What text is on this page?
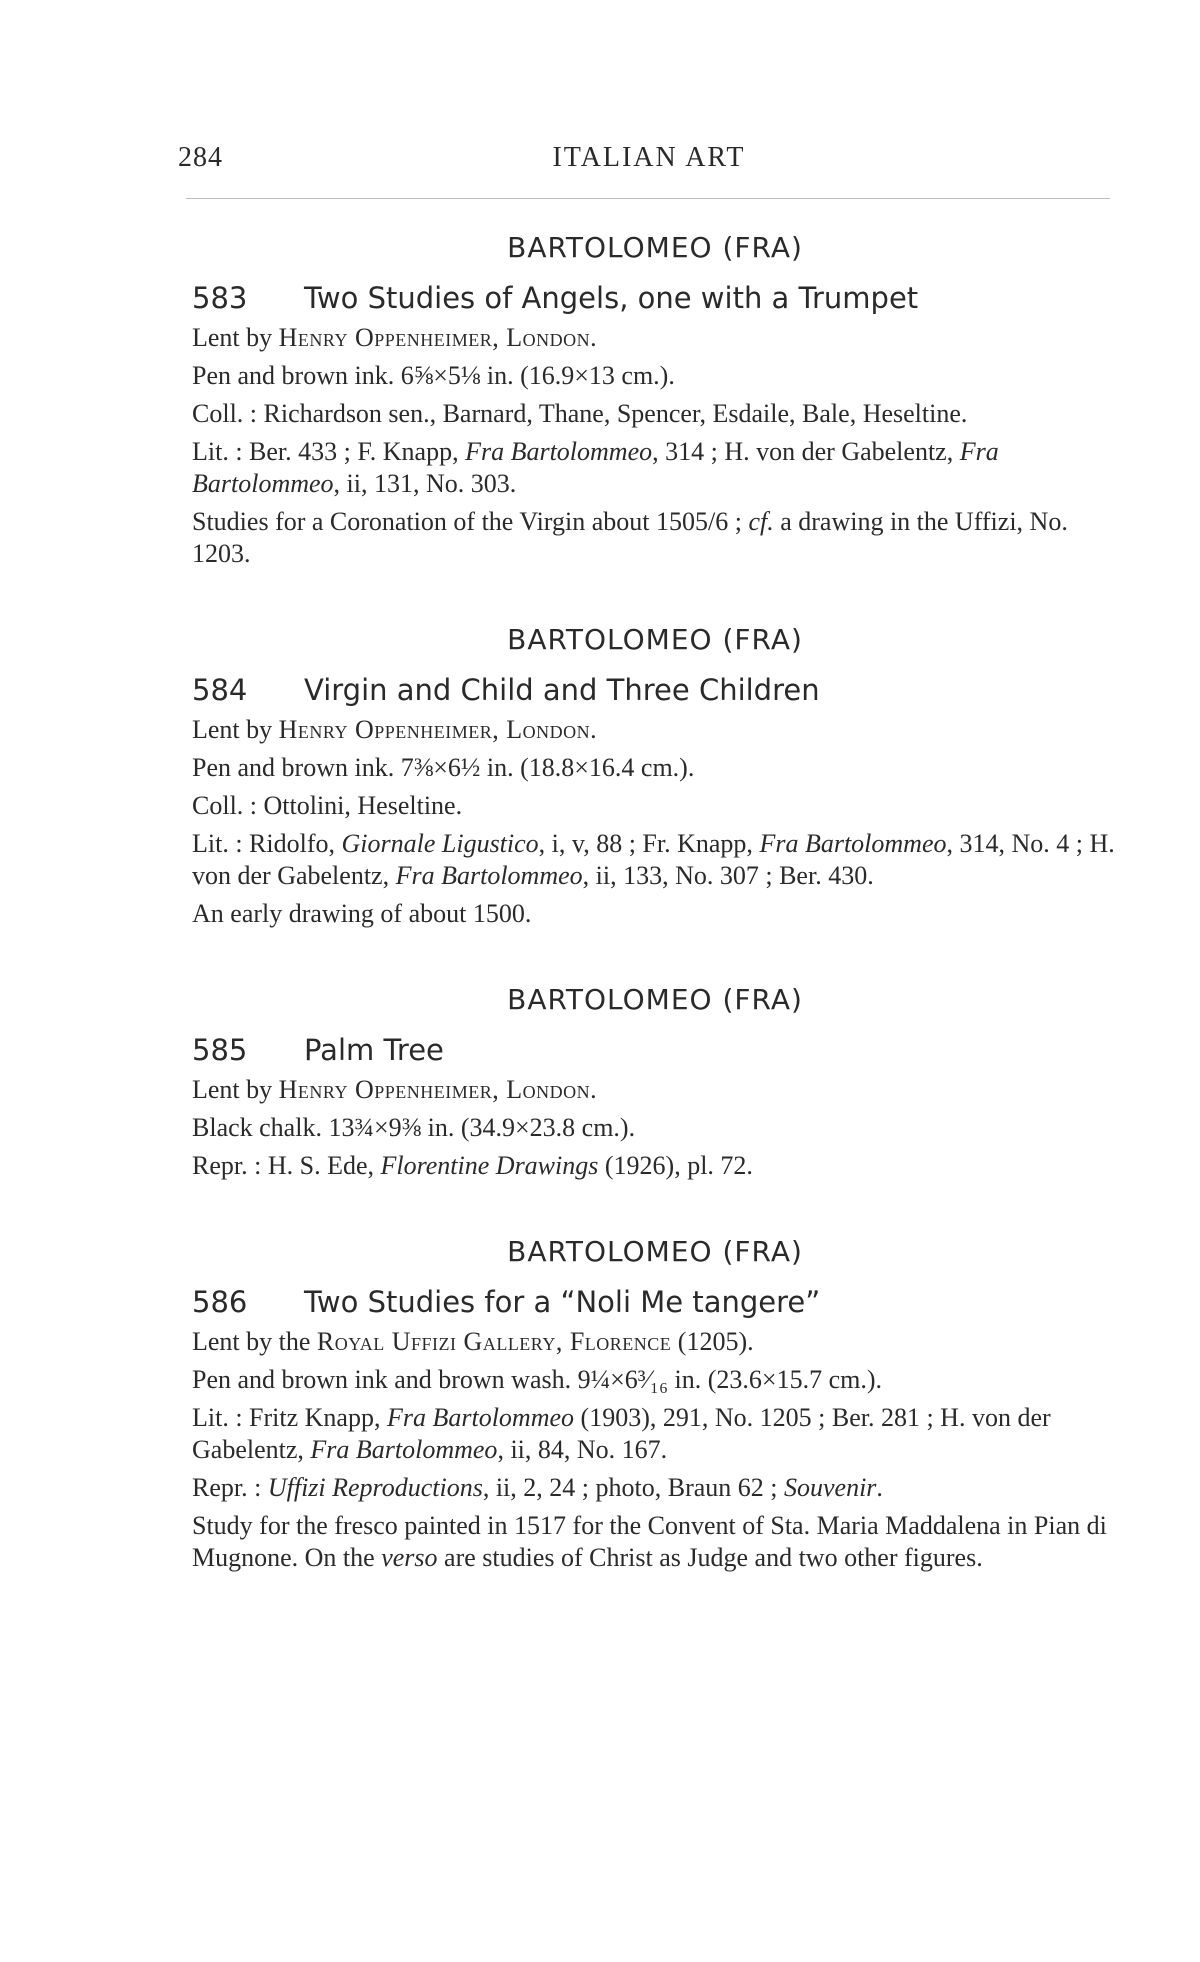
284	ITALIAN ART
BARTOLOMEO (FRA)
583 Two Studies of Angels, one with a Trumpet
Lent by Henry Oppenheimer, London.
Pen and brown ink. 6⅝×5⅛ in. (16.9×13 cm.).
Coll. : Richardson sen., Barnard, Thane, Spencer, Esdaile, Bale, Heseltine.
Lit. : Ber. 433 ; F. Knapp, Fra Bartolommeo, 314 ; H. von der Gabelentz, Fra Bartolommeo, ii, 131, No. 303.
Studies for a Coronation of the Virgin about 1505/6 ; cf. a drawing in the Uffizi, No. 1203.
BARTOLOMEO (FRA)
584 Virgin and Child and Three Children
Lent by Henry Oppenheimer, London.
Pen and brown ink. 7⅜×6½ in. (18.8×16.4 cm.).
Coll. : Ottolini, Heseltine.
Lit. : Ridolfo, Giornale Ligustico, i, v, 88 ; Fr. Knapp, Fra Bartolommeo, 314, No. 4 ; H. von der Gabelentz, Fra Bartolommeo, ii, 133, No. 307 ; Ber. 430.
An early drawing of about 1500.
BARTOLOMEO (FRA)
585 Palm Tree
Lent by Henry Oppenheimer, London.
Black chalk. 13¾×9⅜ in. (34.9×23.8 cm.).
Repr. : H. S. Ede, Florentine Drawings (1926), pl. 72.
BARTOLOMEO (FRA)
586 Two Studies for a “Noli Me tangere”
Lent by the Royal Uffizi Gallery, Florence (1205).
Pen and brown ink and brown wash. 9¼×6³⁄₁₆ in. (23.6×15.7 cm.).
Lit. : Fritz Knapp, Fra Bartolommeo (1903), 291, No. 1205 ; Ber. 281 ; H. von der Gabelentz, Fra Bartolommeo, ii, 84, No. 167.
Repr. : Uffizi Reproductions, ii, 2, 24 ; photo, Braun 62 ; Souvenir.
Study for the fresco painted in 1517 for the Convent of Sta. Maria Maddalena in Pian di Mugnone. On the verso are studies of Christ as Judge and two other figures.
